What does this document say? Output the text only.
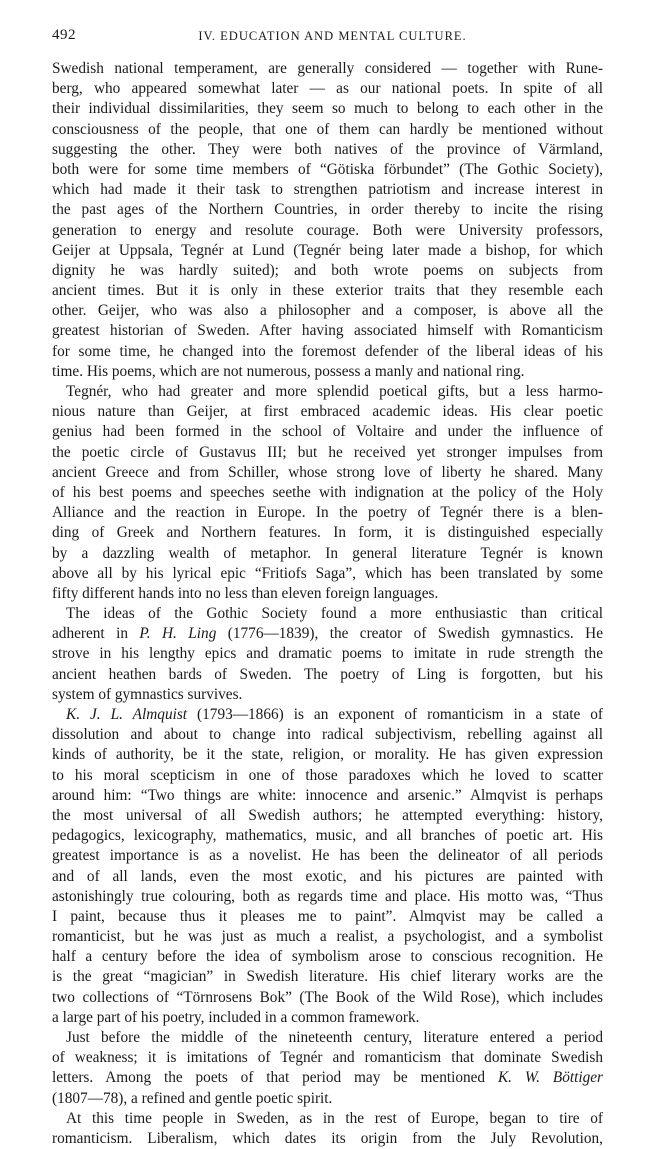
492	IV. EDUCATION AND MENTAL CULTURE.
Swedish national temperament, are generally considered — together with Rune-
berg, who appeared somewhat later — as our national poets. In spite of all
their individual dissimilarities, they seem so much to belong to each other in the
consciousness of the people, that one of them can hardly be mentioned without
suggesting the other. They were both natives of the province of Värmland,
both were for some time members of “Götiska förbundet” (The Gothic Society),
which had made it their task to strengthen patriotism and increase interest in
the past ages of the Northern Countries, in order thereby to incite the rising
generation to energy and resolute courage. Both were University professors,
Geijer at Uppsala, Tegnér at Lund (Tegnér being later made a bishop, for which
dignity he was hardly suited); and both wrote poems on subjects from
ancient times. But it is only in these exterior traits that they resemble each
other. Geijer, who was also a philosopher and a composer, is above all the
greatest historian of Sweden. After having associated himself with Romanticism
for some time, he changed into the foremost defender of the liberal ideas of his
time. His poems, which are not numerous, possess a manly and national ring.
Tegnér, who had greater and more splendid poetical gifts, but a less harmo-
nious nature than Geijer, at first embraced academic ideas. His clear poetic
genius had been formed in the school of Voltaire and under the influence of
the poetic circle of Gustavus III; but he received yet stronger impulses from
ancient Greece and from Schiller, whose strong love of liberty he shared. Many
of his best poems and speeches seethe with indignation at the policy of the Holy
Alliance and the reaction in Europe. In the poetry of Tegnér there is a blen-
ding of Greek and Northern features. In form, it is distinguished especially
by a dazzling wealth of metaphor. In general literature Tegnér is known
above all by his lyrical epic “Fritiofs Saga”, which has been translated by some
fifty different hands into no less than eleven foreign languages.
The ideas of the Gothic Society found a more enthusiastic than critical
adherent in P. H. Ling (1776—1839), the creator of Swedish gymnastics. He
strove in his lengthy epics and dramatic poems to imitate in rude strength the
ancient heathen bards of Sweden. The poetry of Ling is forgotten, but his
system of gymnastics survives.
K. J. L. Almquist (1793—1866) is an exponent of romanticism in a state of
dissolution and about to change into radical subjectivism, rebelling against all
kinds of authority, be it the state, religion, or morality. He has given expression
to his moral scepticism in one of those paradoxes which he loved to scatter
around him: “Two things are white: innocence and arsenic.” Almqvist is perhaps
the most universal of all Swedish authors; he attempted everything: history,
pedagogics, lexicography, mathematics, music, and all branches of poetic art. His
greatest importance is as a novelist. He has been the delineator of all periods
and of all lands, even the most exotic, and his pictures are painted with
astonishingly true colouring, both as regards time and place. His motto was, “Thus
I paint, because thus it pleases me to paint”. Almqvist may be called a
romanticist, but he was just as much a realist, a psychologist, and a symbolist
half a century before the idea of symbolism arose to conscious recognition. He
is the great “magician” in Swedish literature. His chief literary works are the
two collections of “Törnrosens Bok” (The Book of the Wild Rose), which includes
a large part of his poetry, included in a common framework.
Just before the middle of the nineteenth century, literature entered a period
of weakness; it is imitations of Tegnér and romanticism that dominate Swedish
letters. Among the poets of that period may be mentioned K. W. Böttiger
(1807—78), a refined and gentle poetic spirit.
At this time people in Sweden, as in the rest of Europe, began to tire of
romanticism. Liberalism, which dates its origin from the July Revolution,
